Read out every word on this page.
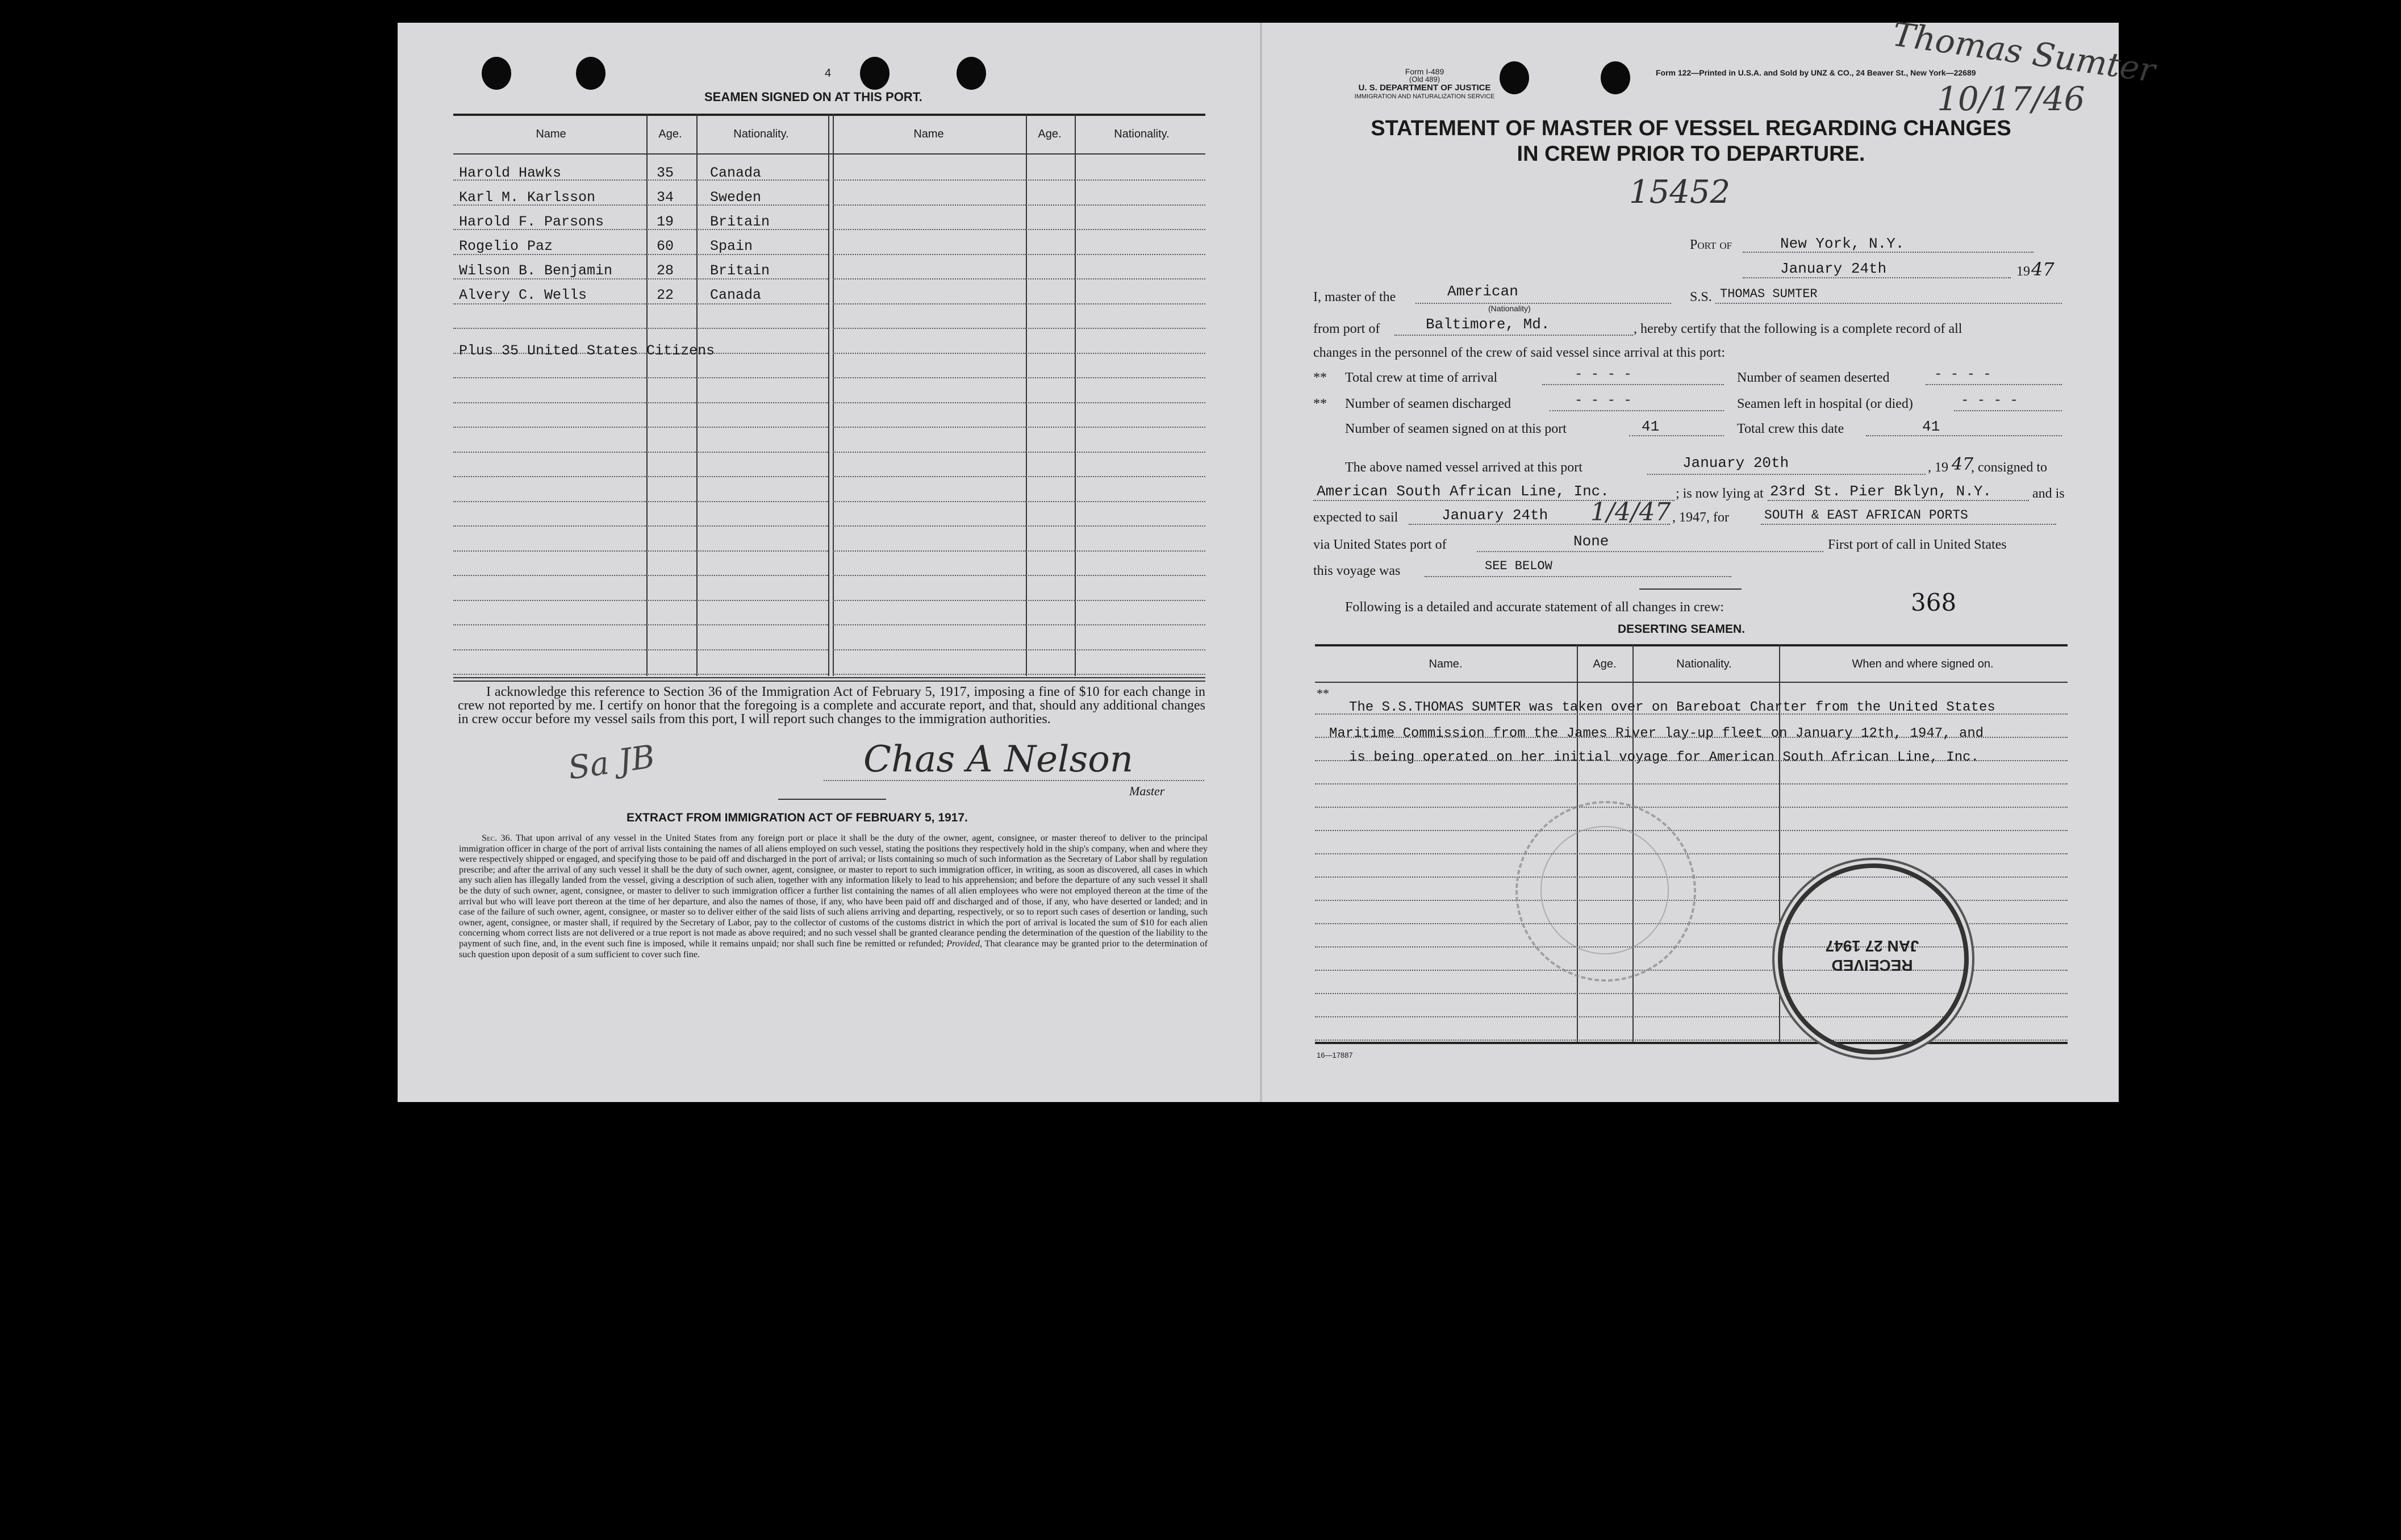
4
SEAMEN SIGNED ON AT THIS PORT.
Name	Age.	Nationality.	Name	Age.	Nationality.
Harold Hawks	35	Canada
Karl M. Karlsson	34	Sweden
Harold F. Parsons	19	Britain
Rogelio Paz	60	Spain
Wilson B. Benjamin	28	Britain
Alvery C. Wells	22	Canada
Plus 35 United States Citizens
I acknowledge this reference to Section 36 of the Immigration Act of February 5, 1917, imposing a fine of $10 for each change in crew not reported by me. I certify on honor that the foregoing is a complete and accurate report, and that, should any additional changes in crew occur before my vessel sails from this port, I will report such changes to the immigration authorities.
Sa JB	Chas A Nelson
Master
EXTRACT FROM IMMIGRATION ACT OF FEBRUARY 5, 1917.
Sec. 36. That upon arrival of any vessel in the United States from any foreign port or place it shall be the duty of the owner, agent, consignee, or master thereof to deliver to the principal immigration officer in charge of the port of arrival lists containing the names of all aliens employed on such vessel, stating the positions they respectively hold in the ship's company, when and where they were respectively shipped or engaged, and specifying those to be paid off and discharged in the port of arrival; or lists containing so much of such information as the Secretary of Labor shall by regulation prescribe; and after the arrival of any such vessel it shall be the duty of such owner, agent, consignee, or master to report to such immigration officer, in writing, as soon as discovered, all cases in which any such alien has illegally landed from the vessel, giving a description of such alien, together with any information likely to lead to his apprehension; and before the departure of any such vessel it shall be the duty of such owner, agent, consignee, or master to deliver to such immigration officer a further list containing the names of all alien employees who were not employed thereon at the time of the arrival but who will leave port thereon at the time of her departure, and also the names of those, if any, who have been paid off and discharged and of those, if any, who have deserted or landed; and in case of the failure of such owner, agent, consignee, or master so to deliver either of the said lists of such aliens arriving and departing, respectively, or so to report such cases of desertion or landing, such owner, agent, consignee, or master shall, if required by the Secretary of Labor, pay to the collector of customs of the customs district in which the port of arrival is located the sum of $10 for each alien concerning whom correct lists are not delivered or a true report is not made as above required; and no such vessel shall be granted clearance pending the determination of the question of the liability to the payment of such fine, and, in the event such fine is imposed, while it remains unpaid; nor shall such fine be remitted or refunded; Provided, That clearance may be granted prior to the determination of such question upon deposit of a sum sufficient to cover such fine.
Form I-489
(Old 489)
U. S. DEPARTMENT OF JUSTICE
IMMIGRATION AND NATURALIZATION SERVICE
Form 122—Printed in U.S.A. and Sold by UNZ & CO., 24 Beaver St., New York—22689
Thomas Sumter
10/17/46
STATEMENT OF MASTER OF VESSEL REGARDING CHANGES
IN CREW PRIOR TO DEPARTURE.
15452
Port of	New York, N.Y.
January 24th	19 47
I, master of the	American
(Nationality)
S.S. THOMAS SUMTER
from port of	Baltimore, Md.	, hereby certify that the following is a complete record of all
changes in the personnel of the crew of said vessel since arrival at this port:
** Total crew at time of arrival	- - - -	Number of seamen deserted	- - - -
** Number of seamen discharged	- - - -	Seamen left in hospital (or died)	- - - -
Number of seamen signed on at this port	41	Total crew this date	41
The above named vessel arrived at this port	January 20th	, 19 47
, consigned to
American South African Line, Inc.	; is now lying at 23rd St. Pier Bklyn, N.Y.	and is
expected to sail	January 24th 1/4/47 , 1947, for	SOUTH & EAST AFRICAN PORTS
via United States port of	None	First port of call in United States
this voyage was	SEE BELOW
Following is a detailed and accurate statement of all changes in crew:	368
DESERTING SEAMEN.
Name.	Age.	Nationality.	When and where signed on.
**
The S.S.THOMAS SUMTER was taken over on Bareboat Charter from the United States
Maritime Commission from the James River lay-up fleet on January 12th, 1947, and
is being operated on her initial voyage for American South African Line, Inc.
16—17887
RECEIVED JAN 27 1947
